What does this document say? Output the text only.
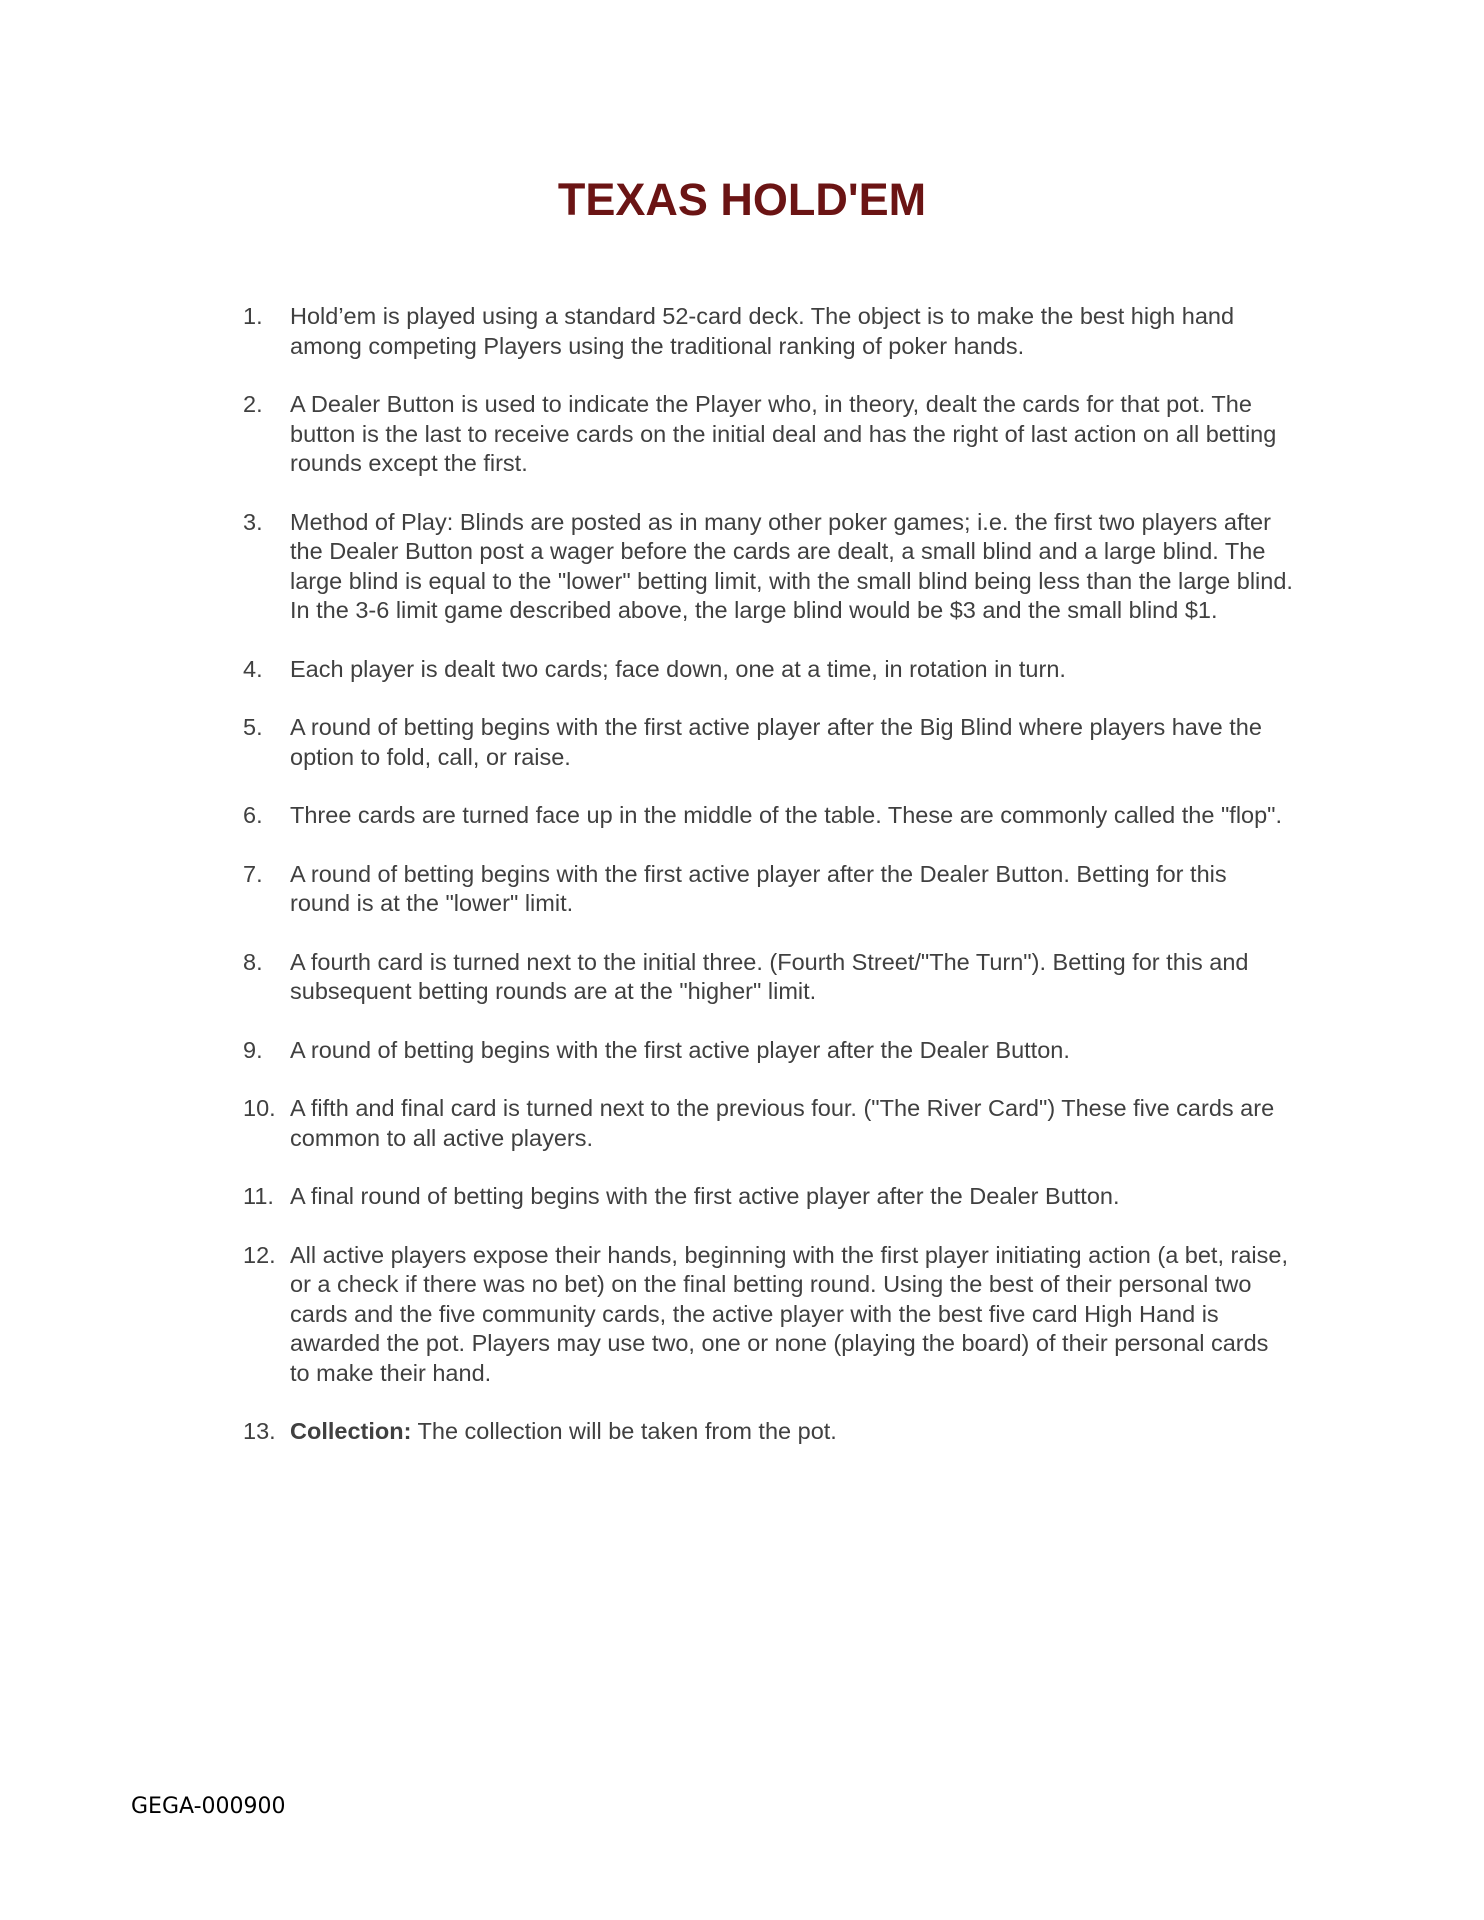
TEXAS HOLD'EM
1.	Hold’em is played using a standard 52-card deck. The object is to make the best high hand among competing Players using the traditional ranking of poker hands.
2.	A Dealer Button is used to indicate the Player who, in theory, dealt the cards for that pot. The button is the last to receive cards on the initial deal and has the right of last action on all betting rounds except the first.
3.	Method of Play: Blinds are posted as in many other poker games; i.e. the first two players after the Dealer Button post a wager before the cards are dealt, a small blind and a large blind. The large blind is equal to the "lower" betting limit, with the small blind being less than the large blind. In the 3-6 limit game described above, the large blind would be $3 and the small blind $1.
4.	Each player is dealt two cards; face down, one at a time, in rotation in turn.
5.	A round of betting begins with the first active player after the Big Blind where players have the option to fold, call, or raise.
6.	Three cards are turned face up in the middle of the table. These are commonly called the "flop".
7.	A round of betting begins with the first active player after the Dealer Button. Betting for this round is at the "lower" limit.
8.	A fourth card is turned next to the initial three. (Fourth Street/"The Turn"). Betting for this and subsequent betting rounds are at the "higher" limit.
9.	A round of betting begins with the first active player after the Dealer Button.
10. A fifth and final card is turned next to the previous four. ("The River Card") These five cards are common to all active players.
11. A final round of betting begins with the first active player after the Dealer Button.
12. All active players expose their hands, beginning with the first player initiating action (a bet, raise, or a check if there was no bet) on the final betting round. Using the best of their personal two cards and the five community cards, the active player with the best five card High Hand is awarded the pot. Players may use two, one or none (playing the board) of their personal cards to make their hand.
13. Collection: The collection will be taken from the pot.
GEGA-000900
